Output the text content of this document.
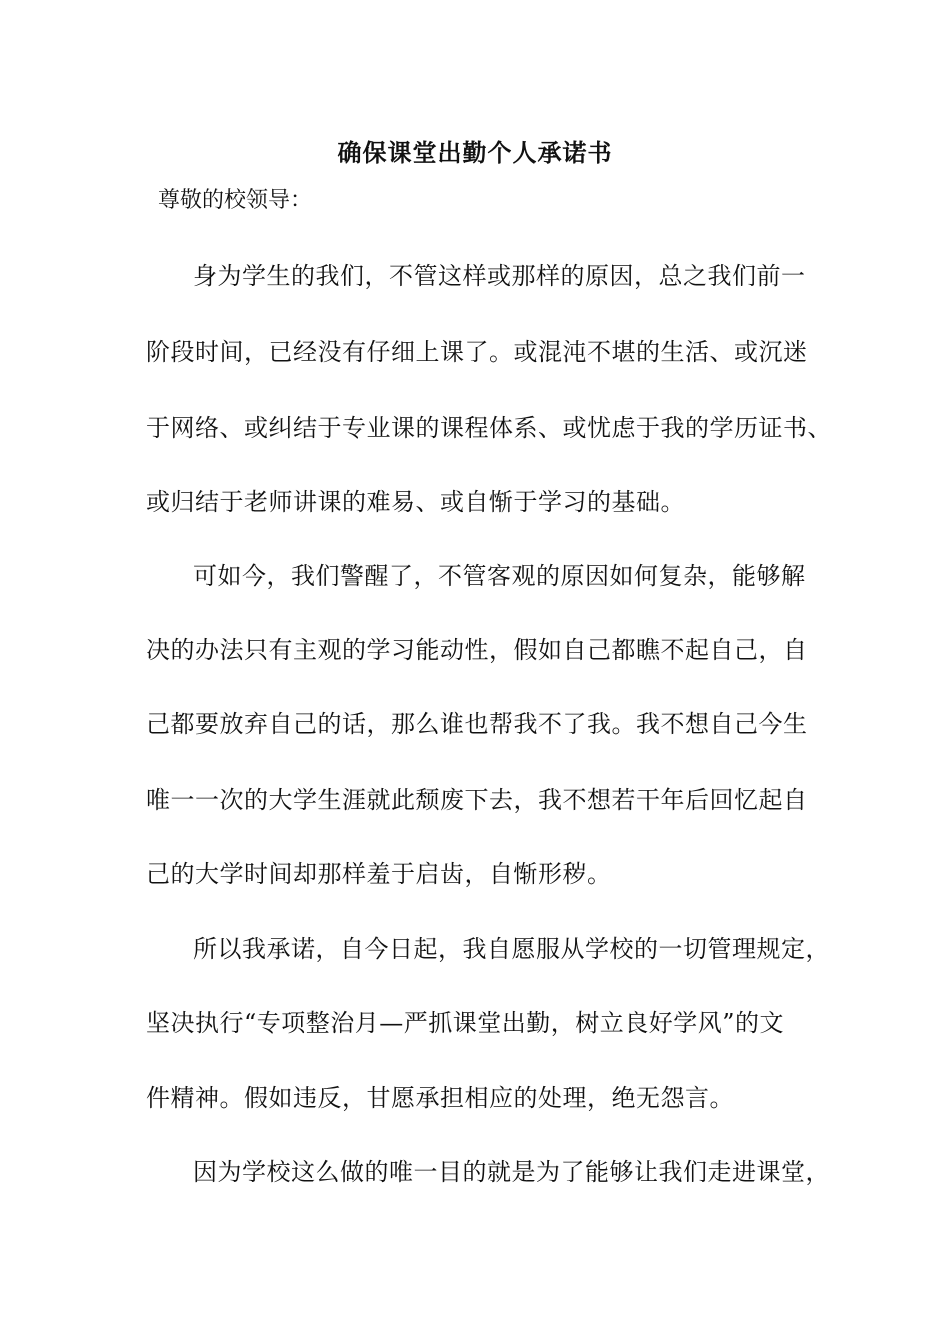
确保课堂出勤个人承诺书
尊敬的校领导：
身为学生的我们，不管这样或那样的原因，总之我们前一
阶段时间，已经没有仔细上课了。或混沌不堪的生活、或沉迷
于网络、或纠结于专业课的课程体系、或忧虑于我的学历证书、
或归结于老师讲课的难易、或自惭于学习的基础。
可如今，我们警醒了，不管客观的原因如何复杂，能够解
决的办法只有主观的学习能动性，假如自己都瞧不起自己，自
己都要放弃自己的话，那么谁也帮我不了我。我不想自己今生
唯一一次的大学生涯就此颓废下去，我不想若干年后回忆起自
己的大学时间却那样羞于启齿，自惭形秽。
所以我承诺，自今日起，我自愿服从学校的一切管理规定，
坚决执行“专项整治月—严抓课堂出勤，树立良好学风”的文
件精神。假如违反，甘愿承担相应的处理，绝无怨言。
因为学校这么做的唯一目的就是为了能够让我们走进课堂，
